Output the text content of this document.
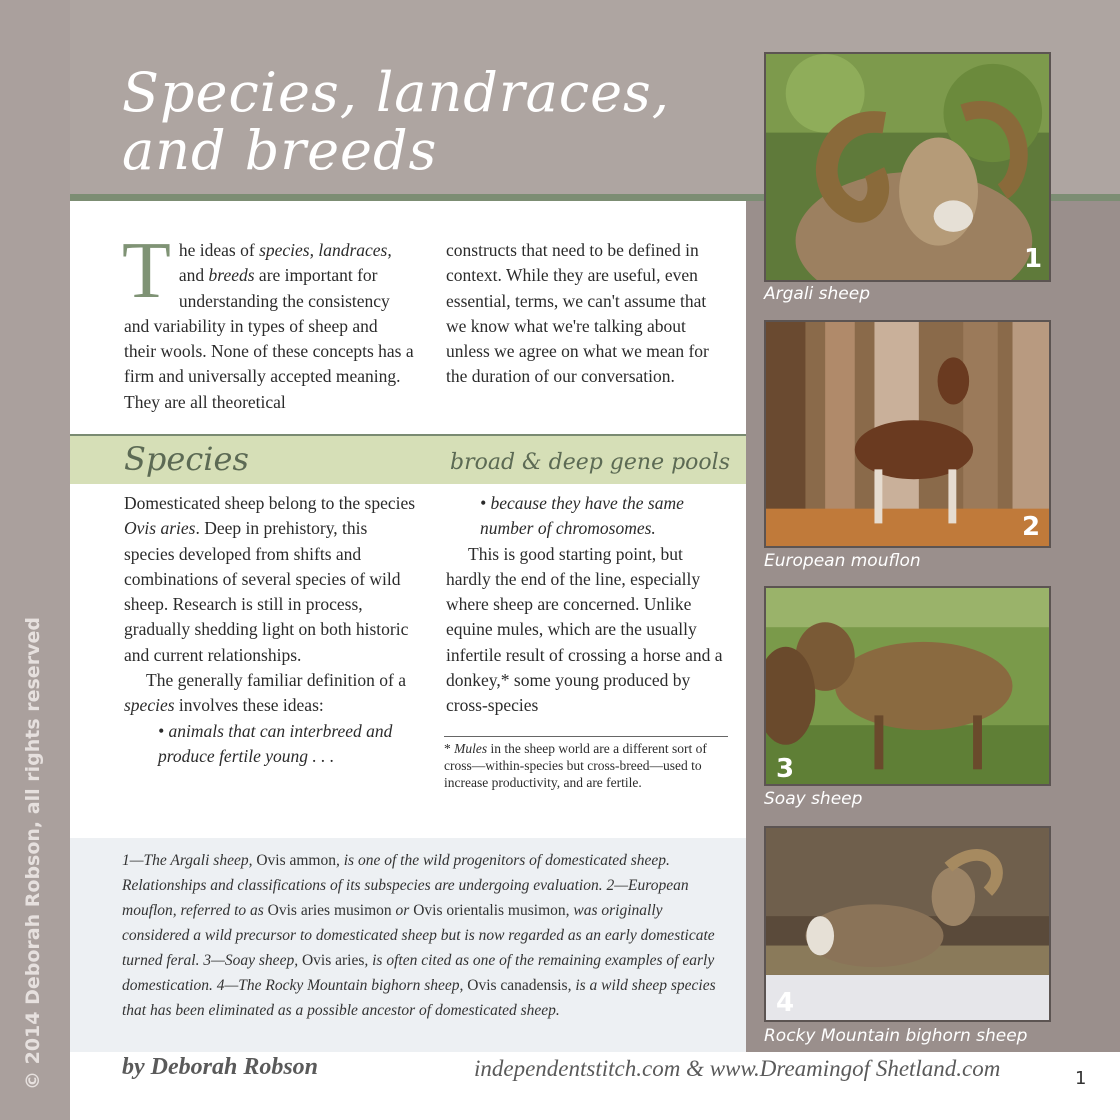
Species, landraces,
and breeds
© 2014 Deborah Robson, all rights reserved
T he ideas of species, landraces,
and breeds are important for understanding the consistency and variability in types of sheep and their wools. None of these concepts has a firm and universally accepted meaning. They are all theoretical
constructs that need to be defined in context. While they are useful, even essential, terms, we can't assume that we know what we're talking about unless we agree on what we mean for the duration of our conversation.
Species	broad & deep gene pools

Domesticated sheep belong to the species Ovis aries. Deep in prehistory, this species developed from shifts and combinations of several species of wild sheep. Research is still in process, gradually shedding light on both historic and current relationships.

The generally familiar definition of a species involves these ideas:

• animals that can interbreed and produce fertile young . . .

• because they have the same number of chromosomes.

This is good starting point, but hardly the end of the line, especially where sheep are concerned. Unlike equine mules, which are the usually infertile result of crossing a horse and a donkey,* some young produced by cross-species

* Mules in the sheep world are a different sort of cross—within-species but cross-breed—used to increase productivity, and are fertile.
1—The Argali sheep, Ovis ammon, is one of the wild progenitors of domesticated sheep. Relationships and classifications of its subspecies are undergoing evaluation. 2—European mouflon, referred to as Ovis aries musimon or Ovis orientalis musimon, was originally considered a wild precursor to domesticated sheep but is now regarded as an early domesticate turned feral. 3—Soay sheep, Ovis aries, is often cited as one of the remaining examples of early domestication. 4—The Rocky Mountain bighorn sheep, Ovis canadensis, is a wild sheep species that has been eliminated as a possible ancestor of domesticated sheep.
1
Argali sheep
2
European mouflon
3
Soay sheep
4
Rocky Mountain bighorn sheep
by Deborah Robson	independentstitch.com & www.Dreamingof Shetland.com	1
